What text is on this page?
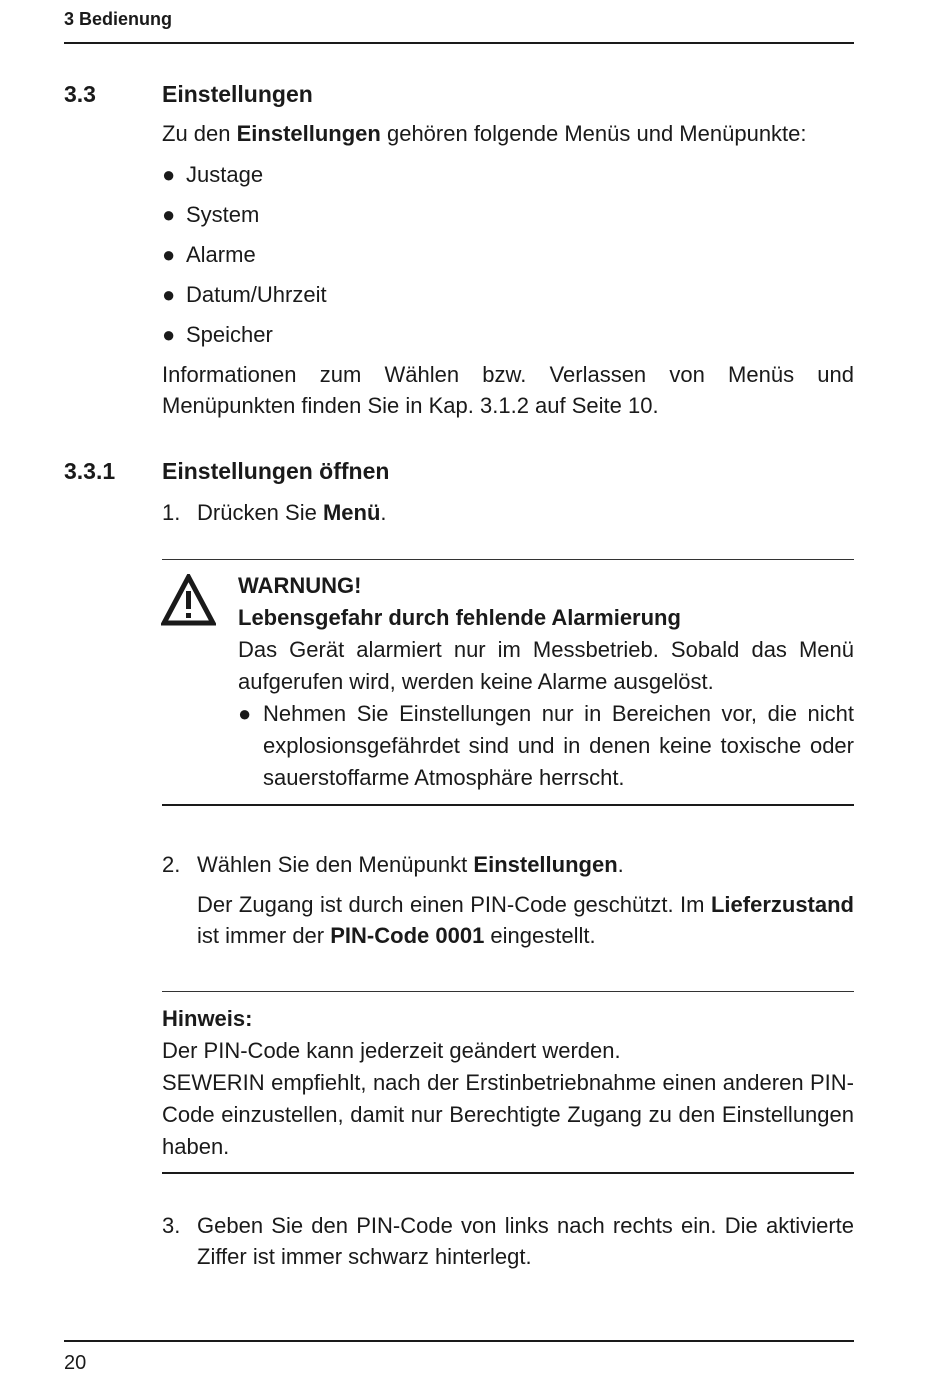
3 Bedienung
3.3	Einstellungen
Zu den Einstellungen gehören folgende Menüs und Menüpunkte:
● Justage
● System
● Alarme
● Datum/Uhrzeit
● Speicher
Informationen zum Wählen bzw. Verlassen von Menüs und Menüpunkten finden Sie in Kap. 3.1.2 auf Seite 10.
3.3.1 Einstellungen öffnen
1. Drücken Sie Menü.
WARNUNG!
Lebensgefahr durch fehlende Alarmierung
Das Gerät alarmiert nur im Messbetrieb. Sobald das Menü aufgerufen wird, werden keine Alarme ausgelöst.
● Nehmen Sie Einstellungen nur in Bereichen vor, die nicht explosionsgefährdet sind und in denen keine toxische oder sauerstoffarme Atmosphäre herrscht.
2. Wählen Sie den Menüpunkt Einstellungen.
Der Zugang ist durch einen PIN-Code geschützt. Im Lieferzustand ist immer der PIN-Code 0001 eingestellt.
Hinweis:
Der PIN-Code kann jederzeit geändert werden.
SEWERIN empfiehlt, nach der Erstinbetriebnahme einen anderen PIN-Code einzustellen, damit nur Berechtigte Zugang zu den Einstellungen haben.
3. Geben Sie den PIN-Code von links nach rechts ein. Die aktivierte Ziffer ist immer schwarz hinterlegt.
20
